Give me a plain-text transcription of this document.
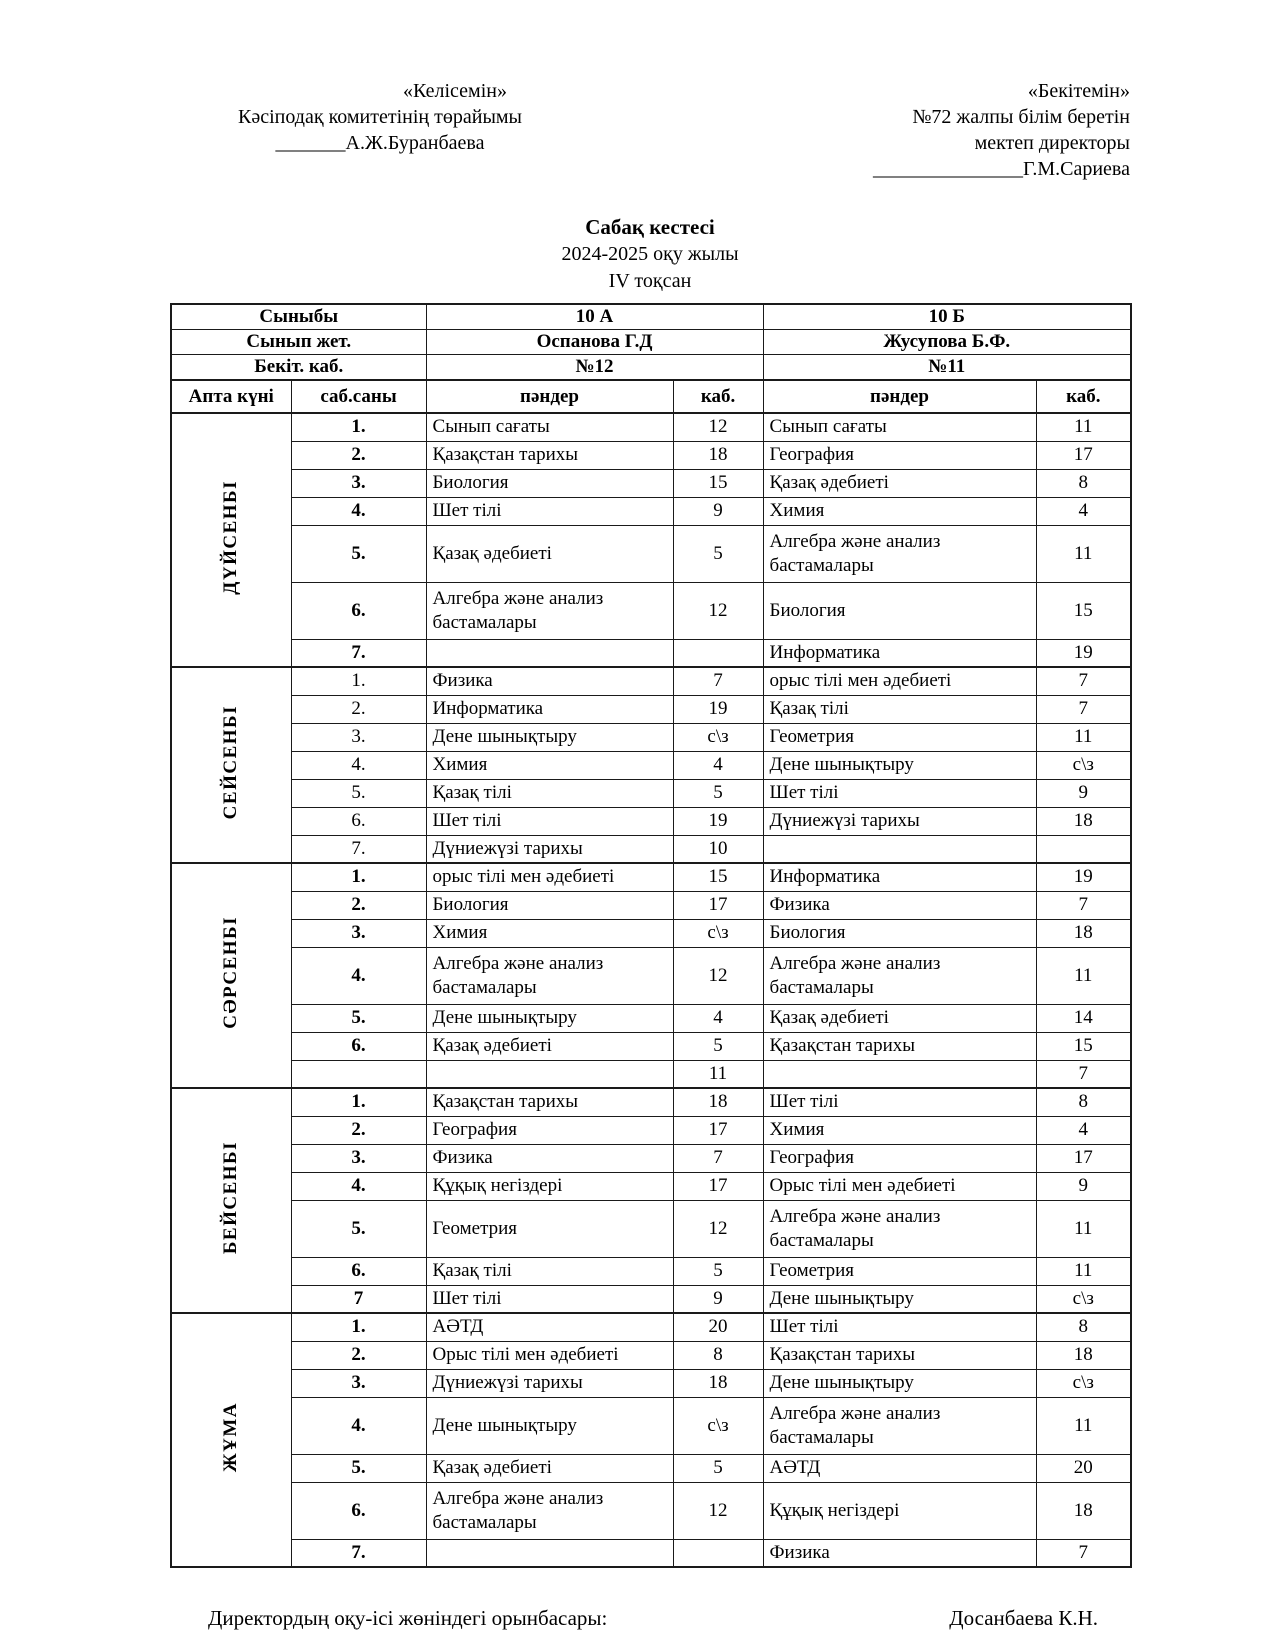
«Келісемін»
Кәсіподақ комитетінің төрайымы
_______А.Ж.Буранбаева
«Бекітемін»
№72 жалпы білім беретін
мектеп директоры
_______________Г.М.Сариева
Сабақ кестесі
2024-2025 оқу жылы
IV тоқсан
Сыныбы		10 А		10 Б	
Сынып жет.		Оспанова Г.Д		Жусупова Б.Ф.	
Бекіт. каб.		№12		№11	
Апта күні	саб.саны	пәндер	каб.	пәндер	каб.
ДҮЙСЕНБІ	1.	Сынып сағаты	12	Сынып сағаты	11
	2.	Қазақстан тарихы	18	География	17
	3.	Биология	15	Қазақ әдебиеті	8
	4.	Шет тілі	9	Химия	4
	5.	Қазақ әдебиеті	5	Алгебра және анализ бастамалары	11
	6.	Алгебра және анализ бастамалары	12	Биология	15
	7.			Информатика	19
СЕЙСЕНБІ	1.	Физика	7	орыс тілі мен әдебиеті	7
	2.	Информатика	19	Қазақ тілі	7
	3.	Дене шынықтыру	с\з	Геометрия	11
	4.	Химия	4	Дене шынықтыру	с\з
	5.	Қазақ тілі	5	Шет тілі	9
	6.	Шет тілі	19	Дүниежүзі тарихы	18
	7.	Дүниежүзі тарихы	10		
СӘРСЕНБІ	1.	орыс тілі мен әдебиеті	15	Информатика	19
	2.	Биология	17	Физика	7
	3.	Химия	с\з	Биология	18
	4.	Алгебра және анализ бастамалары	12	Алгебра және анализ бастамалары	11
	5.	Дене шынықтыру	4	Қазақ әдебиеті	14
	6.	Қазақ әдебиеті	5	Қазақстан тарихы	15
			11		7
БЕЙСЕНБІ	1.	Қазақстан тарихы	18	Шет тілі	8
	2.	География	17	Химия	4
	3.	Физика	7	География	17
	4.	Құқық негіздері	17	Орыс тілі мен әдебиеті	9
	5.	Геометрия	12	Алгебра және анализ бастамалары	11
	6.	Қазақ тілі	5	Геометрия	11
	7	Шет тілі	9	Дене шынықтыру	с\з
ЖҰМА	1.	АӘТД	20	Шет тілі	8
	2.	Орыс тілі мен әдебиеті	8	Қазақстан тарихы	18
	3.	Дүниежүзі тарихы	18	Дене шынықтыру	с\з
	4.	Дене шынықтыру	с\з	Алгебра және анализ бастамалары	11
	5.	Қазақ әдебиеті	5	АӘТД	20
	6.	Алгебра және анализ бастамалары	12	Құқық негіздері	18
	7.			Физика	7
Директордың оқу-ісі жөніндегі орынбасары:	Досанбаева К.Н.
